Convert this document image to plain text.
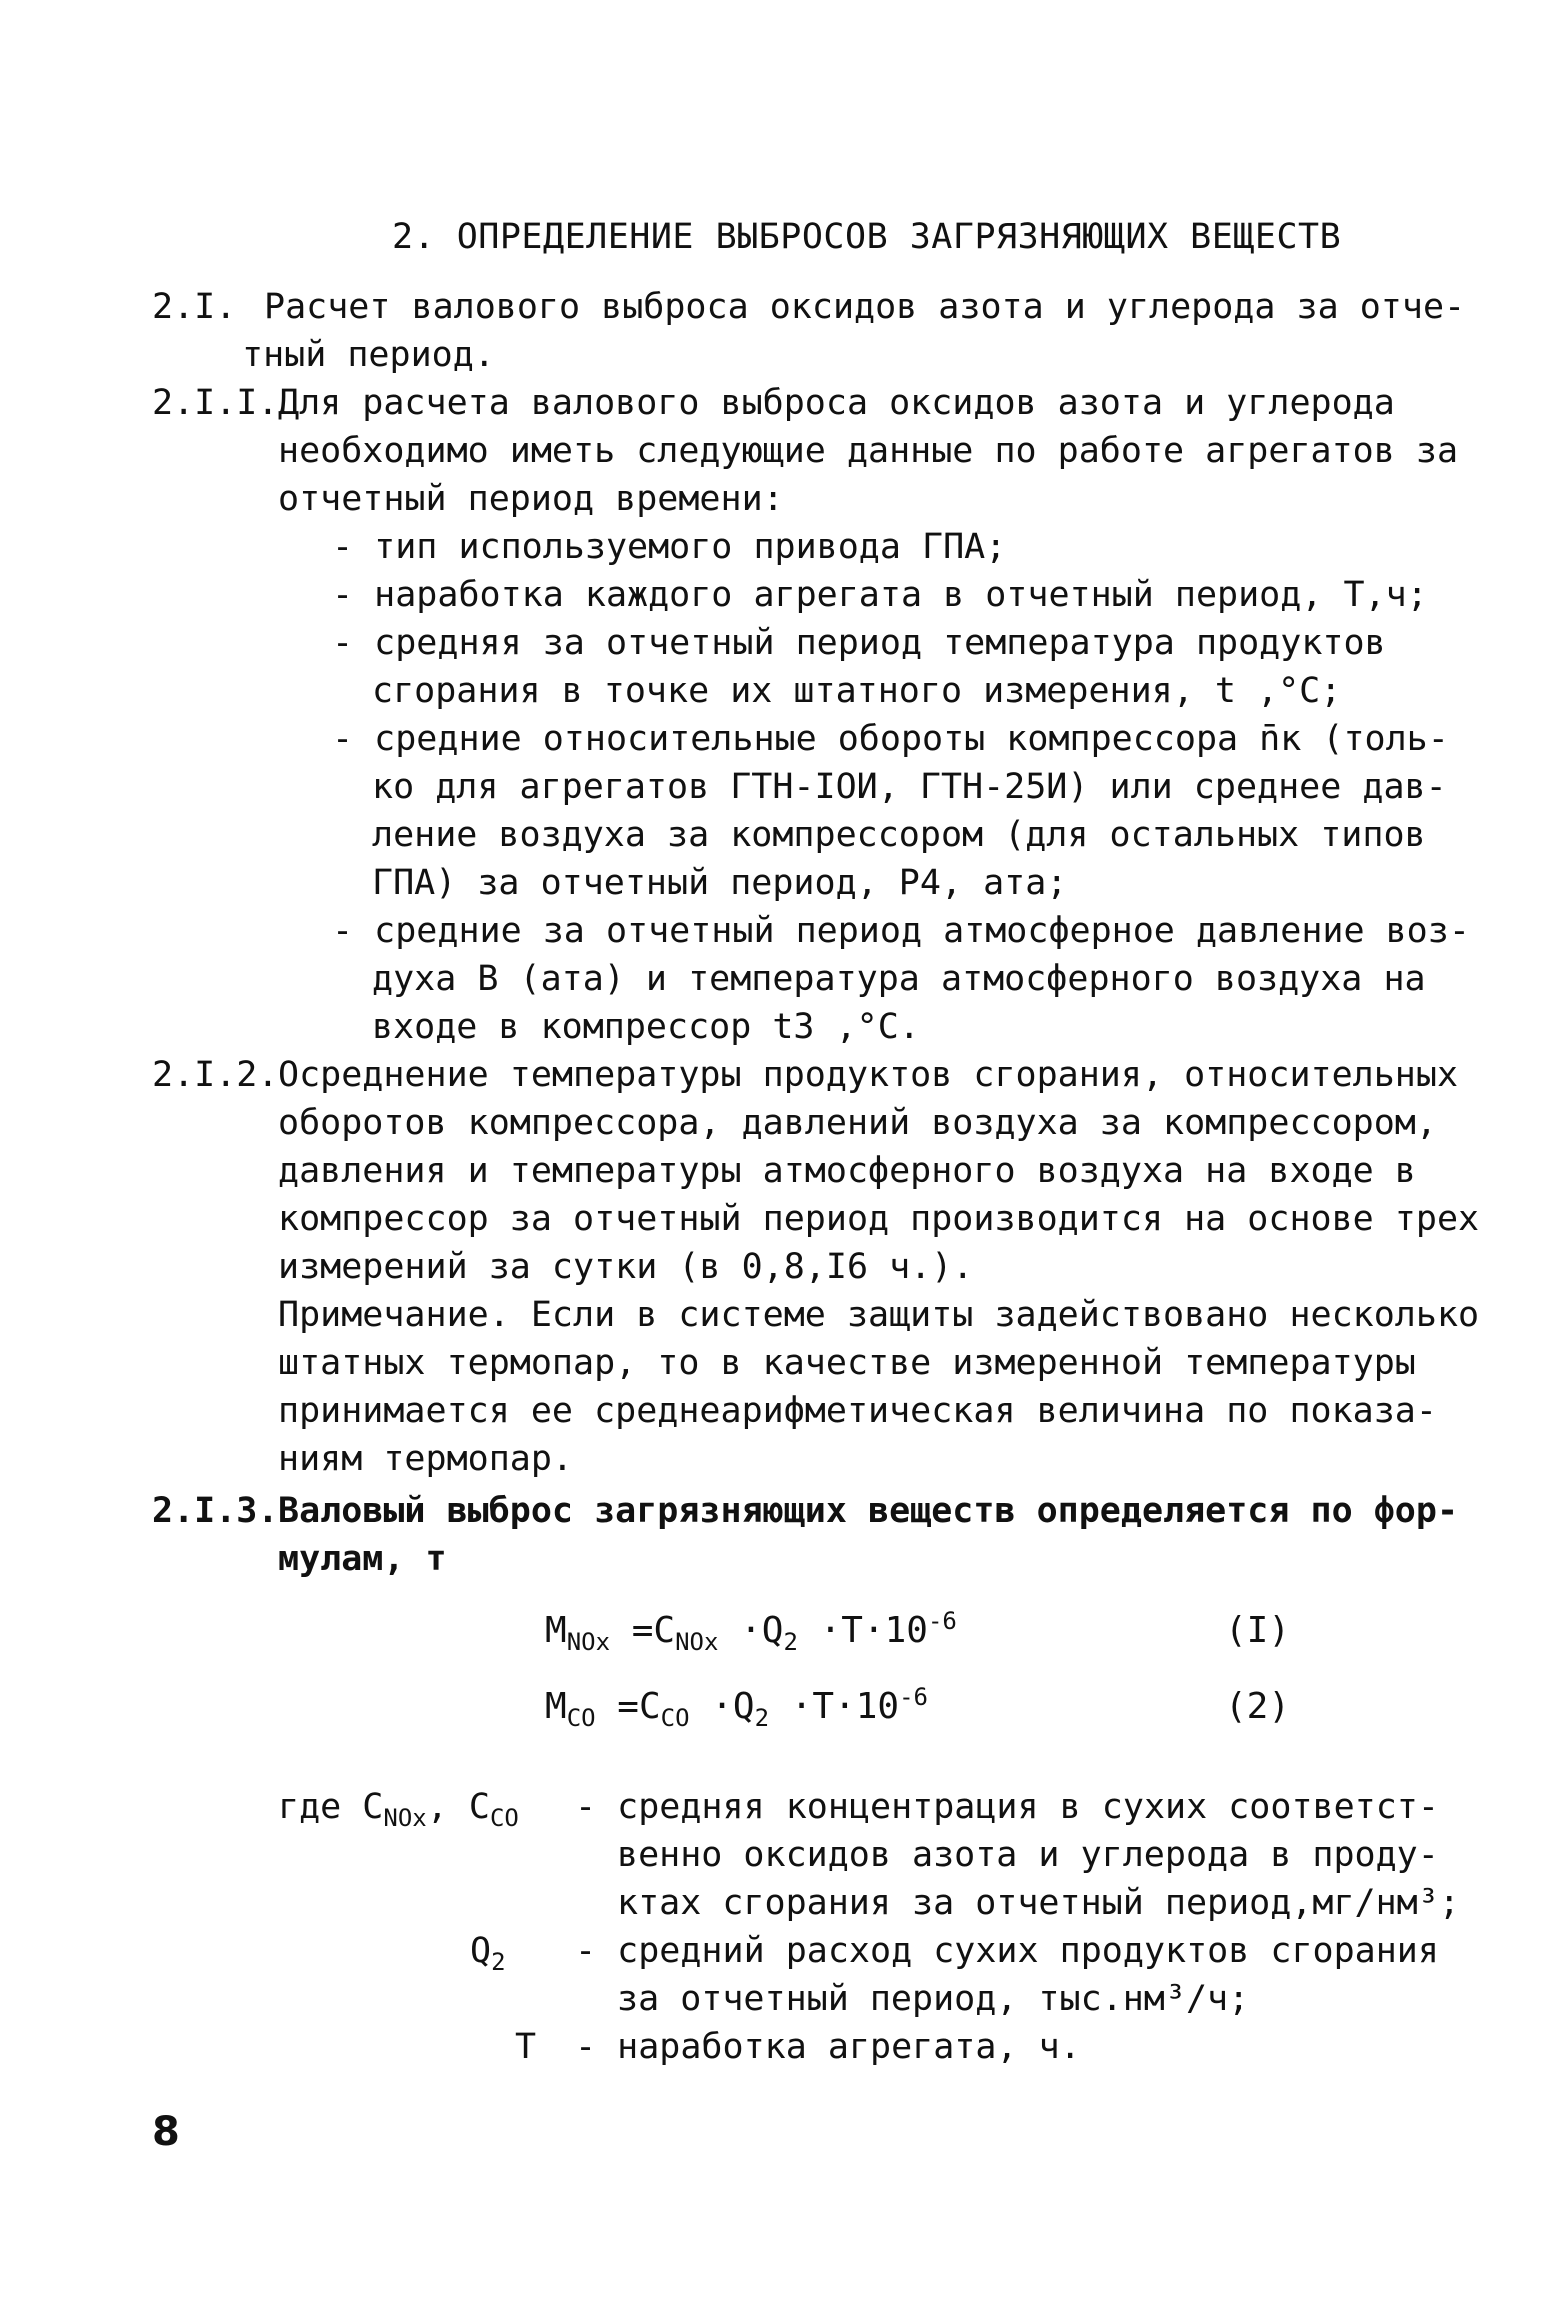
2. ОПРЕДЕЛЕНИЕ ВЫБРОСОВ ЗАГРЯЗНЯЮЩИХ ВЕЩЕСТВ
2.I. Расчет валового выброса оксидов азота и углерода за отче-
тный период.
2.I.I.Для расчета валового выброса оксидов азота и углерода
необходимо иметь следующие данные по работе агрегатов за
отчетный период времени:
- тип используемого привода ГПА;
- наработка каждого агрегата в отчетный период, Т,ч;
- средняя за отчетный период температура продуктов
сгорания в точке их штатного измерения, t ,°C;
- средние относительные обороты компрессора n̄к (толь-
ко для агрегатов ГТН-IОИ, ГТН-25И) или среднее дав-
ление воздуха за компрессором (для остальных типов
ГПА) за отчетный период, P4, ата;
- средние за отчетный период атмосферное давление воз-
духа В (ата) и температура атмосферного воздуха на
входе в компрессор t3 ,°C.
2.I.2.Осреднение температуры продуктов сгорания, относительных
оборотов компрессора, давлений воздуха за компрессором,
давления и температуры атмосферного воздуха на входе в
компрессор за отчетный период производится на основе трех
измерений за сутки (в 0,8,I6 ч.).
Примечание. Если в системе защиты задействовано несколько
штатных термопар, то в качестве измеренной температуры
принимается ее среднеарифметическая величина по показа-
ниям термопар.
2.I.3.Валовый выброс загрязняющих веществ определяется по фор-
мулам, т
$M_{NOx} =C_{NOx} \cdot Q_2 \cdot T\cdot 10^{-6}$	(I)
$M_{CO} =C_{CO} \cdot Q_2 \cdot T\cdot 10^{-6}$	(2)
где $C_{NOx}$, $C_{CO}$ - средняя концентрация в сухих соответст-
венно оксидов азота и углерода в проду-
ктах сгорания за отчетный период,мг/нм³;
$Q_2$ - средний расход сухих продуктов сгорания
за отчетный период, тыс.нм³/ч;
T - наработка агрегата, ч.
8
